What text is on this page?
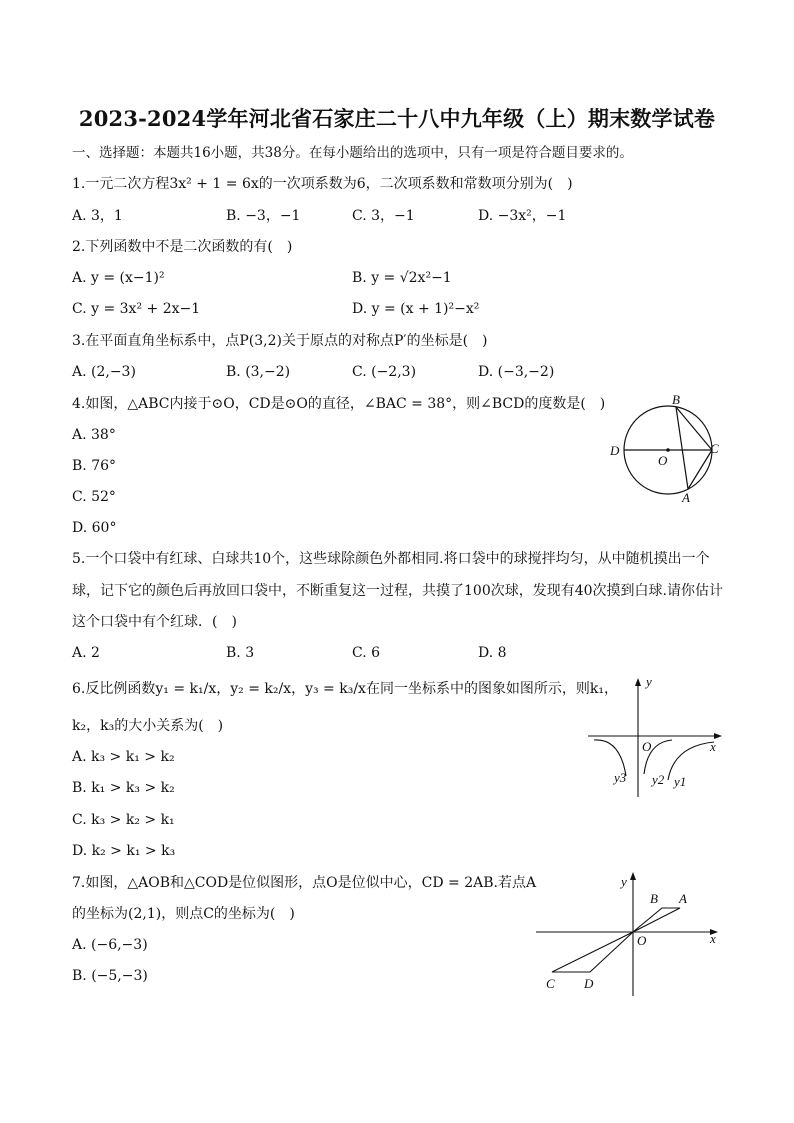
2023-2024学年河北省石家庄二十八中九年级（上）期末数学试卷
一、选择题：本题共16小题，共38分。在每小题给出的选项中，只有一项是符合题目要求的。
1.一元二次方程3x² + 1 = 6x的一次项系数为6，二次项系数和常数项分别为(　)
A. 3，1	B. −3，−1	C. 3，−1	D. −3x²，−1
2.下列函数中不是二次函数的有(　)
A. y = (x−1)²	B. y = √2x²−1
C. y = 3x² + 2x−1	D. y = (x + 1)²−x²
3.在平面直角坐标系中，点P(3,2)关于原点的对称点P′的坐标是(　)
A. (2,−3)	B. (3,−2)	C. (−2,3)	D. (−3,−2)
4.如图，△ABC内接于⊙O，CD是⊙O的直径，∠BAC = 38°，则∠BCD的度数是(　)
A. 38°
B. 76°
C. 52°
D. 60°
B
D
O
C
A
5.一个口袋中有红球、白球共10个，这些球除颜色外都相同.将口袋中的球搅拌均匀，从中随机摸出一个
球，记下它的颜色后再放回口袋中，不断重复这一过程，共摸了100次球，发现有40次摸到白球.请你估计
这个口袋中有个红球．(　)
A. 2	B. 3	C. 6	D. 8
6.反比例函数y₁ = k₁/x，y₂ = k₂/x，y₃ = k₃/x在同一坐标系中的图象如图所示，则k₁，
k₂，k₃的大小关系为(　)
A. k₃ > k₁ > k₂
B. k₁ > k₃ > k₂
C. k₃ > k₂ > k₁
D. k₂ > k₁ > k₃
y
O	x
y3 y2 y1
7.如图，△AOB和△COD是位似图形，点O是位似中心，CD = 2AB.若点A
的坐标为(2,1)，则点C的坐标为(　)
A. (−6,−3)
B. (−5,−3)
y
B A
O	x
C D
